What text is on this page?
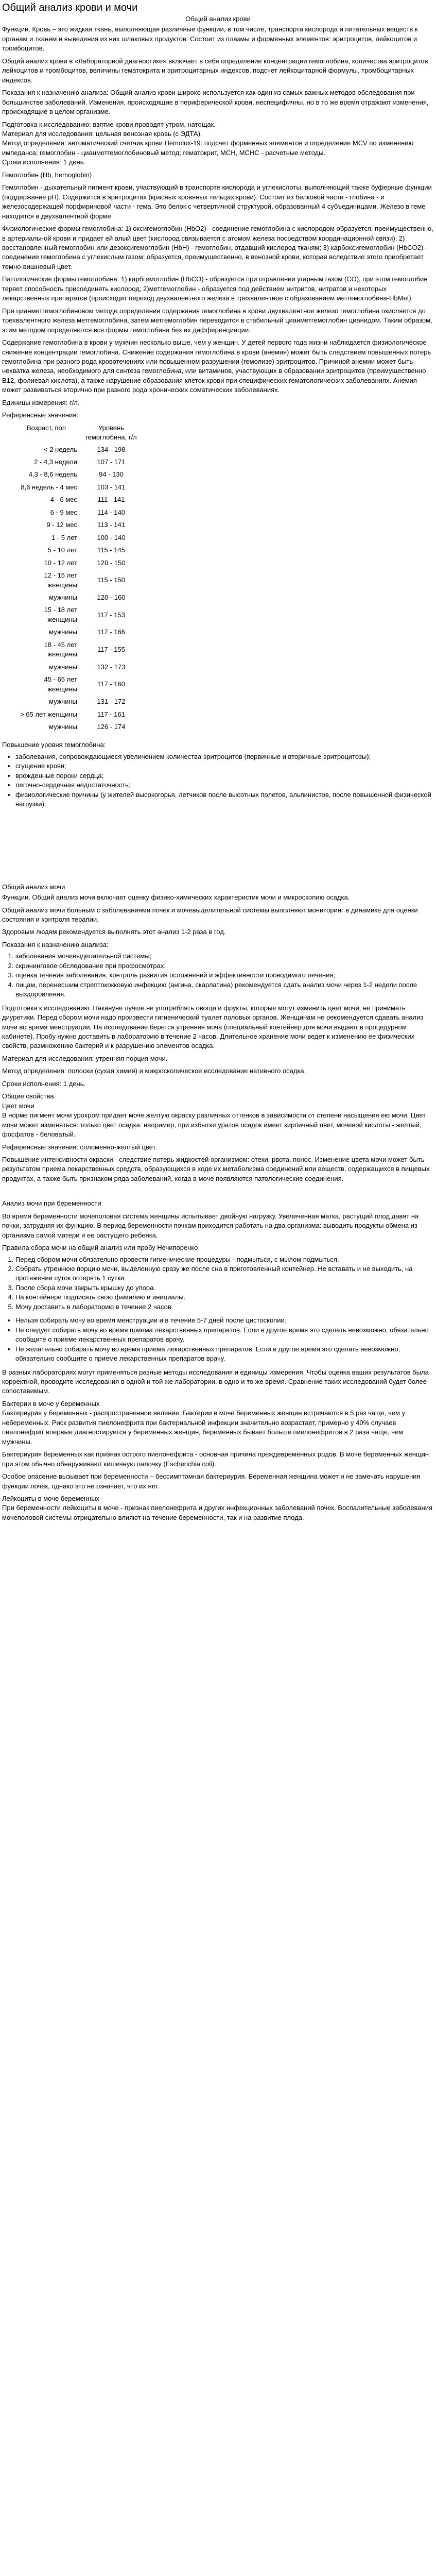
Общий анализ крови и мочи
Общий анализ крови

Функции. Кровь – это жидкая ткань, выполняющая различные функции, в том числе, транспорта кислорода и питательных веществ к органам и тканям и выведения из них шлаковых продуктов. Состоит из плазмы и форменных элементов: эритроцитов, лейкоцитов и тромбоцитов.

Общий анализ крови в «Лабораторной диагностике» включает в себя определение концентрации гемоглобина, количества эритроцитов, лейкоцитов и тромбоцитов, величины гематокрита и эритроцитарных индексов, подсчет лейкоцитарной формулы, тромбоцитарных индексов.

Показания к назначению анализа: Общий анализ крови широко используется как один из самых важных методов обследования при большинстве заболеваний. Изменения, происходящие в периферической крови, неспецифичны, но в то же время отражают изменения, происходящие в целом организме.

Подготовка к исследованию: взятие крови проводят утром, натощак.

Материал для исследования: цельная венозная кровь (с ЭДТА).

Метод определения: автоматический счетчик крови Hemolux-19: подсчет форменных элементов и определение MCV по изменению импеданса; гемоглобин - цианметгемоглобиновый метод; гематокрит, MCH, MCHC - расчетные методы.

Сроки исполнения: 1 день.

Гемоглобин (Hb, hemoglobin)

Гемоглобин - дыхательный пигмент крови, участвующий в транспорте кислорода и углекислоты, выполняющий также буферные функции (поддержание pH). Содержится в эритроцитах (красных кровяных тельцах крови). Состоит из белковой части - глобина - и железосодержащей порфириновой части - гема. Это белок с четвертичной структурой, образованный 4 субъединицами. Железо в геме находится в двухвалентной форме.

Физиологические формы гемоглобина: 1) оксигемоглобин (HbO2) - соединение гемоглобина с кислородом образуется, преимущественно, в артериальной крови и придает ей алый цвет (кислород связывается с атомом железа посредством координационной связи); 2) восстановленный гемоглобин или дезоксигемоглобин (HbH) - гемоглобин, отдавший кислород тканям; 3) карбоксигемоглобин (HbCO2) - соединение гемоглобина с углекислым газом; образуется, преимущественно, в венозной крови, которая вследствие этого приобретает темно-вишневый цвет.

Патологические формы гемоглобина: 1) карбгемоглобин (HbCO) - образуется при отравлении угарным газом (CO), при этом гемоглобин теряет способность присоединять кислород; 2)метгемоглобин - образуется под действием нитритов, нитратов и некоторых лекарственных препаратов (происходит переход двухвалентного железа в трехвалентное с образованием метгемоглобина-HbMet).

При цианметгемоглобиновом методе определения содержания гемоглобина в крови двухвалентное железо гемоглобина окисляется до трехвалентного железа метгемоглобина, затем метгемоглобин переводится в стабильный цианметгемоглобин цианидом. Таким образом, этим методом определяются все формы гемоглобина без их дифференциации.

Содержание гемоглобина в крови у мужчин несколько выше, чем у женщин. У детей первого года жизни наблюдается физиологическое снижение концентрации гемоглобина. Снижение содержания гемоглобина в крови (анемия) может быть следствием повышенных потерь гемоглобина при разного рода кровотечениях или повышенном разрушении (гемолизе) эритроцитов. Причиной анемии может быть нехватка железа, необходимого для синтеза гемоглобина, или витаминов, участвующих в образовании эритроцитов (преимущественно B12, фолиевая кислота), а также нарушение образования клеток крови при специфических гематологических заболеваниях. Анемия может развиваться вторично при разного рода хронических соматических заболеваниях.

Единицы измерения: г/л.

Референсные значения:

Возраст, пол	Уровень гемоглобина, г/л
< 2 недель	134 - 198
2 - 4,3 недели	107 - 171
4,3 - 8,6 недель	94 - 130
8,6 недель - 4 мес	103 - 141
4 - 6 мес	111 - 141
6 - 9 мес	114 - 140
9 - 12 мес	113 - 141
1 - 5 лет	100 - 140
5 - 10 лет	115 - 145
10 - 12 лет	120 - 150
12 - 15 лет женщины	115 - 150
мужчины	120 - 160
15 - 18 лет женщины	117 - 153
мужчины	117 - 166
18 - 45 лет женщины	117 - 155
мужчины	132 - 173
45 - 65 лет женщины	117 - 160
мужчины	131 - 172
> 65 лет женщины	117 - 161
мужчины	126 - 174

Повышение уровня гемоглобина:

• заболевания, сопровождающиеся увеличением количества эритроцитов (первичные и вторичные эритроцитозы);
• сгущение крови;
• врожденные пороки сердца;
• легочно-сердечная недостаточность;
• физиологические причины (у жителей высокогорья, летчиков после высотных полетов, альпинистов, после повышенной физической нагрузки).

Общий анализ мочи

Функции. Общий анализ мочи включает оценку физико-химических характеристик мочи и микроскопию осадка.

Общий анализ мочи больным с заболеваниями почек и мочевыделительной системы выполняют мониторинг в динамике для оценки состояния и контроля терапии.

Здоровым людям рекомендуется выполнять этот анализ 1-2 раза в год.

Показания к назначению анализа:

1. заболевания мочевыделительной системы;
2. скрининговое обследование при профосмотрах;
3. оценка течения заболевания, контроль развития осложнений и эффективности проводимого лечения;
4. лицам, перенесшим стрептококковую инфекцию (ангина, скарлатина) рекомендуется сдать анализ мочи через 1-2 недели после выздоровления.

Подготовка к исследованию. Накануне лучше не употреблять овощи и фрукты, которые могут изменить цвет мочи, не принимать диуретики. Перед сбором мочи надо произвести гигиенический туалет половых органов. Женщинам не рекомендуется сдавать анализ мочи во время менструации. На исследование берется утренняя моча (специальный контейнер для мочи выдают в процедурном кабинете). Пробу нужно доставить в лабораторию в течение 2 часов. Длительное хранение мочи ведет к изменению ее физических свойств, размножению бактерий и к разрушению элементов осадка.

Материал для исследования: утренняя порция мочи.

Метод определения: полоски (сухая химия) и микроскопическое исследование нативного осадка.

Сроки исполнения: 1 день.

Общие свойства

Цвет мочи

В норме пигмент мочи урохром придает моче желтую окраску различных оттенков в зависимости от степени насыщения ею мочи. Цвет мочи может изменяться: только цвет осадка: например, при избытке уратов осадок имеет кирпичный цвет, мочевой кислоты - желтый, фосфатов - беловатый.

Референсные значения: соломенно-желтый цвет.

Повышение интенсивности окраски - следствие потерь жидкостей организмом: отеки, рвота, понос. Изменение цвета мочи может быть результатом приема лекарственных средств, образующихся в ходе их метаболизма соединений или веществ, содержащихся в пищевых продуктах, а также быть признаком ряда заболеваний, когда в моче появляются патологические соединения.

Анализ мочи при беременности

Во время беременности мочеполовая система женщины испытывает двойную нагрузку. Увеличенная матка, растущий плод давят на почки, затрудняя их функцию. В период беременности почкам приходится работать на два организма: выводить продукты обмена из организма самой матери и ее растущего ребенка.

Правила сбора мочи на общий анализ или пробу Нечипоренко

1. Перед сбором мочи обязательно провести гигиенические процедуры - подмыться, с мылом подмыться.
2. Собрать утреннюю порцию мочи, выделенную сразу же после сна в приготовленный контейнер. Не вставать и не выходить, на протяжении суток потерять 1 сутки.
3. После сбора мочи закрыть крышку до упора.
4. На контейнере подписать свою фамилию и инициалы.
5. Мочу доставить в лабораторию в течение 2 часов.
• Нельзя собирать мочу во время менструации и в течение 5-7 дней после цистоскопии.
• Не следует собирать мочу во время приема лекарственных препаратов. Если в другое время это сделать невозможно, обязательно сообщите о приеме лекарственных препаратов врачу.
• Не желательно собирать мочу во время приема лекарственных препаратов. Если в другое время это сделать невозможно, обязательно сообщите о приеме лекарственных препаратов врачу.

В разных лабораториях могут применяться разные методы исследования и единицы измерения. Чтобы оценка ваших результатов была корректной, проводите исследования в одной и той же лаборатории, в одно и то же время. Сравнение таких исследований будет более сопоставимым.

Бактерии в моче у беременных

Бактериурия у беременных - распространенное явление. Бактерии в моче беременных женщин встречаются в 5 раз чаще, чем у небеременных. Риск развития пиелонефрита при бактериальной инфекции значительно возрастает, примерно у 40% случаев пиелонефрит впервые диагностируется у беременных женщин, беременных бывает больше пиелонефритов в 2 раза чаще, чем мужчины.

Бактериурия беременных как признак острого пиелонефрита - основная причина преждевременных родов. В моче беременных женщин при этом обычно обнаруживают кишечную палочку (Escherichia coli).

Особое опасение вызывает при беременности – бессимптомная бактериурия. Беременная женщина может и не замечать нарушения функции почек, однако это не означает, что их нет.

Лейкоциты в моче беременных

При беременности лейкоциты в моче - признак пиелонефрита и других инфекционных заболеваний почек. Воспалительные заболевания мочеполовой системы отрицательно влияют на течение беременности, так и на развитие плода.
